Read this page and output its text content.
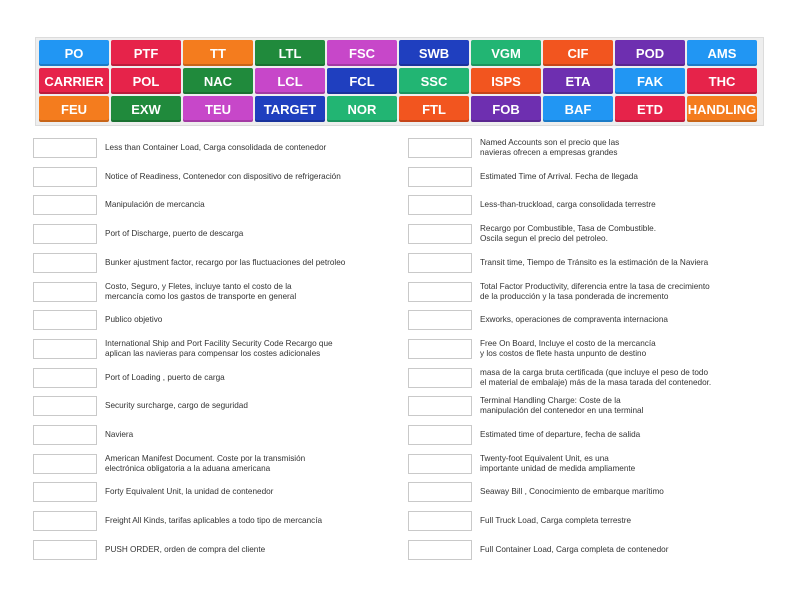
PO	PTF	TT	LTL	FSC	SWB	VGM	CIF	POD	AMS
CARRIER	POL	NAC	LCL	FCL	SSC	ISPS	ETA	FAK	THC
FEU	EXW	TEU	TARGET	NOR	FTL	FOB	BAF	ETD	HANDLING
Less than Container Load, Carga consolidada de contenedor
Notice of Readiness, Contenedor con dispositivo de refrigeración
Manipulación de mercancia
Port of Discharge, puerto de descarga
Bunker ajustment factor, recargo por las fluctuaciones del petroleo
Costo, Seguro, y Fletes, incluye tanto el costo de la
mercancía como los gastos de transporte en general
Publico objetivo
International Ship and Port Facility Security Code Recargo que
aplican las navieras para compensar los costes adicionales
Port of Loading , puerto de carga
Security surcharge, cargo de seguridad
Naviera
American Manifest Document. Coste por la transmisión
electrónica obligatoria a la aduana americana
Forty Equivalent Unit, la unidad de contenedor
Freight All Kinds, tarifas aplicables a todo tipo de mercancía
PUSH ORDER, orden de compra del cliente
Named Accounts son el precio que las
navieras ofrecen a empresas grandes
Estimated Time of Arrival. Fecha de llegada
Less-than-truckload, carga consolidada terrestre
Recargo por Combustible, Tasa de Combustible.
Oscila segun el precio del petroleo.
Transit time, Tiempo de Tránsito es la estimación de la Naviera
Total Factor Productivity, diferencia entre la tasa de crecimiento
de la producción y la tasa ponderada de incremento
Exworks, operaciones de compraventa internaciona
Free On Board, Incluye el costo de la mercancía
y los costos de flete hasta unpunto de destino
masa de la carga bruta certificada (que incluye el peso de todo
el material de embalaje) más de la masa tarada del contenedor.
Terminal Handling Charge: Coste de la
manipulación del contenedor en una terminal
Estimated time of departure, fecha de salida
Twenty-foot Equivalent Unit, es una
importante unidad de medida ampliamente
Seaway Bill , Conocimiento de embarque marítimo
Full Truck Load, Carga completa terrestre
Full Container Load, Carga completa de contenedor
